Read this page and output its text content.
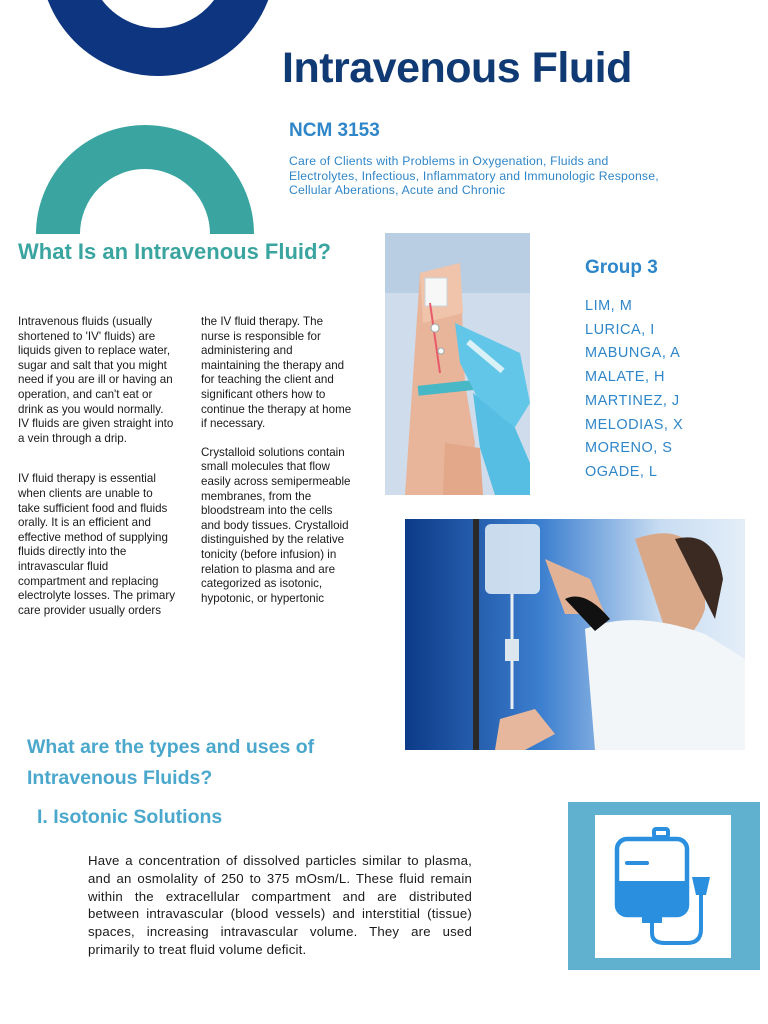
Intravenous Fluid
NCM 3153
Care of Clients with Problems in Oxygenation, Fluids and Electrolytes, Infectious, Inflammatory and Immunologic Response, Cellular Aberations, Acute and Chronic
What Is an Intravenous Fluid?

Intravenous fluids (usually shortened to 'IV' fluids) are liquids given to replace water, sugar and salt that you might need if you are ill or having an operation, and can't eat or drink as you would normally. IV fluids are given straight into a vein through a drip.

IV fluid therapy is essential when clients are unable to take sufficient food and fluids orally. It is an efficient and effective method of supplying fluids directly into the intravascular fluid compartment and replacing electrolyte losses. The primary care provider usually orders

the IV fluid therapy. The nurse is responsible for administering and maintaining the therapy and for teaching the client and significant others how to continue the therapy at home if necessary.

Crystalloid solutions contain small molecules that flow easily across semipermeable membranes, from the bloodstream into the cells and body tissues. Crystalloid distinguished by the relative tonicity (before infusion) in relation to plasma and are categorized as isotonic, hypotonic, or hypertonic

Group 3
LIM, M
LURICA, I
MABUNGA, A
MALATE, H
MARTINEZ, J
MELODIAS, X
MORENO, S
OGADE, L
What are the types and uses of Intravenous Fluids?
I. Isotonic Solutions

Have a concentration of dissolved particles similar to plasma, and an osmolality of 250 to 375 mOsm/L. These fluid remain within the extracellular compartment and are distributed between intravascular (blood vessels) and interstitial (tissue) spaces, increasing intravascular volume. They are used primarily to treat fluid volume deficit.
